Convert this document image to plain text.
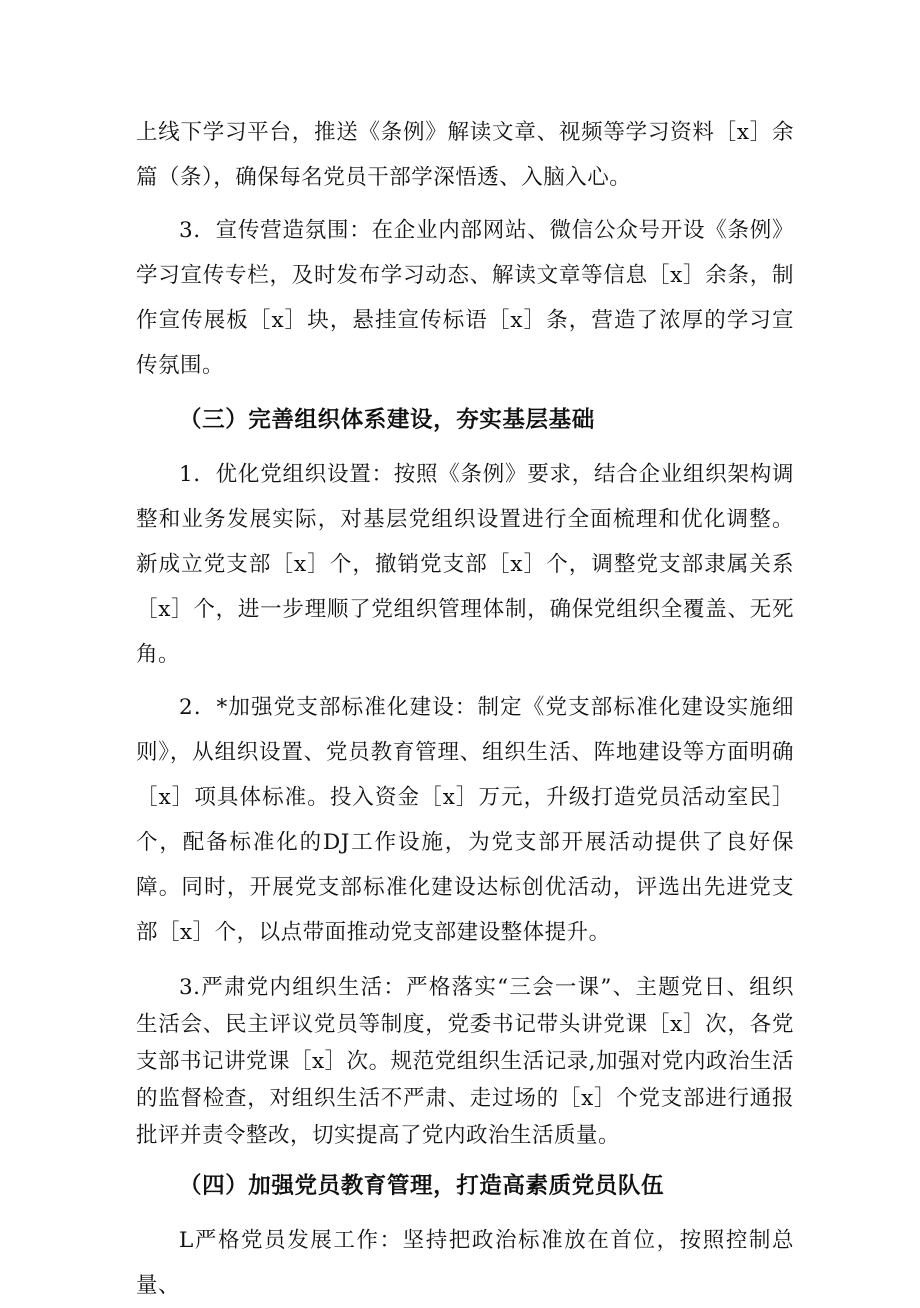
上线下学习平台，推送《条例》解读文章、视频等学习资料［x］余篇（条），确保每名党员干部学深悟透、入脑入心。

3．宣传营造氛围：在企业内部网站、微信公众号开设《条例》学习宣传专栏，及时发布学习动态、解读文章等信息［x］余条，制作宣传展板［x］块，悬挂宣传标语［x］条，营造了浓厚的学习宣传氛围。

（三）完善组织体系建设，夯实基层基础

1．优化党组织设置：按照《条例》要求，结合企业组织架构调整和业务发展实际，对基层党组织设置进行全面梳理和优化调整。新成立党支部［x］个，撤销党支部［x］个，调整党支部隶属关系［x］个，进一步理顺了党组织管理体制，确保党组织全覆盖、无死角。

2．*加强党支部标准化建设：制定《党支部标准化建设实施细则》，从组织设置、党员教育管理、组织生活、阵地建设等方面明确［x］项具体标准。投入资金［x］万元，升级打造党员活动室民］个，配备标准化的DJ工作设施，为党支部开展活动提供了良好保障。同时，开展党支部标准化建设达标创优活动，评选出先进党支部［x］个，以点带面推动党支部建设整体提升。

3.严肃党内组织生活：严格落实“三会一课”、主题党日、组织生活会、民主评议党员等制度，党委书记带头讲党课［x］次，各党支部书记讲党课［x］次。规范党组织生活记录,加强对党内政治生活的监督检查，对组织生活不严肃、走过场的［x］个党支部进行通报批评并责令整改，切实提高了党内政治生活质量。

（四）加强党员教育管理，打造高素质党员队伍

L严格党员发展工作：坚持把政治标准放在首位，按照控制总量、
